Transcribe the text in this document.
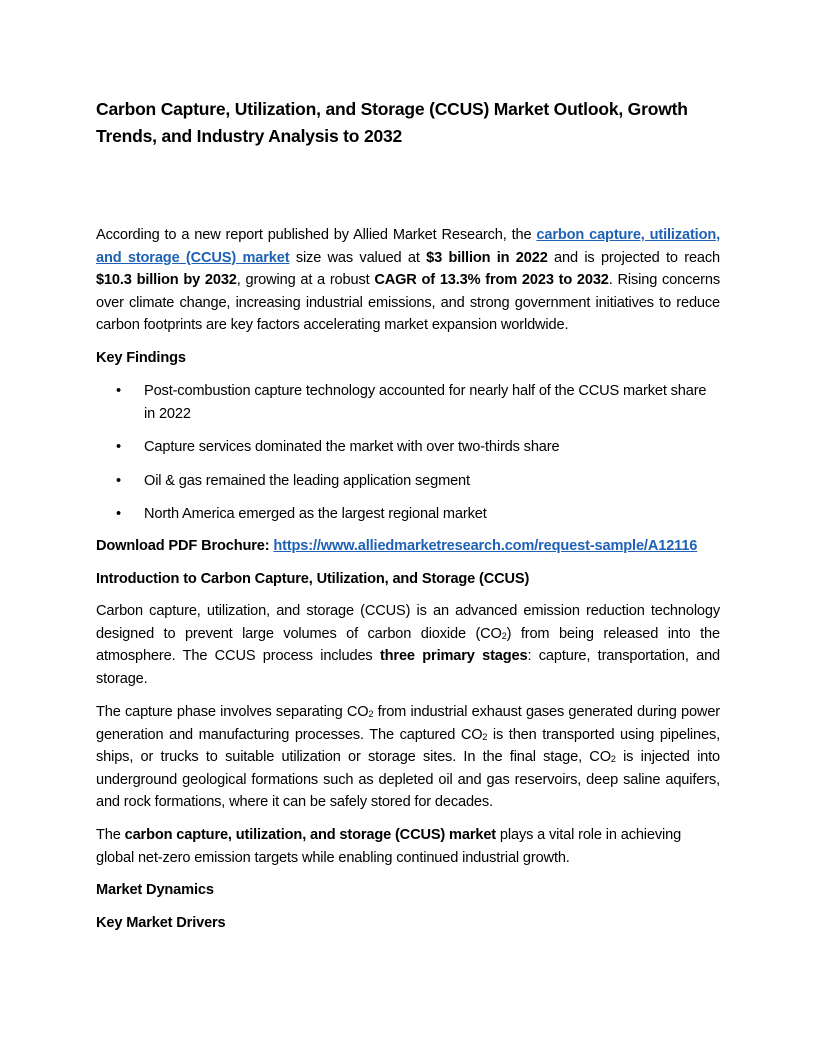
Carbon Capture, Utilization, and Storage (CCUS) Market Outlook, Growth Trends, and Industry Analysis to 2032

According to a new report published by Allied Market Research, the carbon capture, utilization, and storage (CCUS) market size was valued at $3 billion in 2022 and is projected to reach $10.3 billion by 2032, growing at a robust CAGR of 13.3% from 2023 to 2032. Rising concerns over climate change, increasing industrial emissions, and strong government initiatives to reduce carbon footprints are key factors accelerating market expansion worldwide.

Key Findings
• Post-combustion capture technology accounted for nearly half of the CCUS market share in 2022
• Capture services dominated the market with over two-thirds share
• Oil & gas remained the leading application segment
• North America emerged as the largest regional market
Download PDF Brochure: https://www.alliedmarketresearch.com/request-sample/A12116
Introduction to Carbon Capture, Utilization, and Storage (CCUS)

Carbon capture, utilization, and storage (CCUS) is an advanced emission reduction technology designed to prevent large volumes of carbon dioxide $(CO_2)$ from being released into the atmosphere. The CCUS process includes three primary stages: capture, transportation, and storage.

The capture phase involves separating $CO_2$ from industrial exhaust gases generated during power generation and manufacturing processes. The captured $CO_2$ is then transported using pipelines, ships, or trucks to suitable utilization or storage sites. In the final stage, $CO_2$ is injected into underground geological formations such as depleted oil and gas reservoirs, deep saline aquifers, and rock formations, where it can be safely stored for decades.

The carbon capture, utilization, and storage (CCUS) market plays a vital role in achieving global net-zero emission targets while enabling continued industrial growth.

Market Dynamics
Key Market Drivers
